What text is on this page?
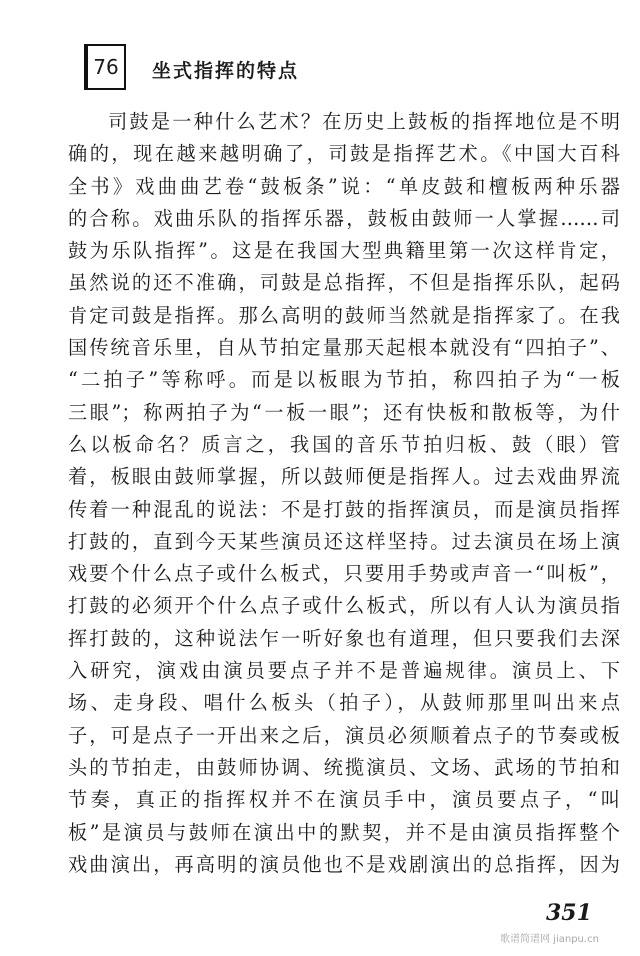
76	坐式指挥的特点
司鼓是一种什么艺术？在历史上鼓板的指挥地位是不明
确的，现在越来越明确了，司鼓是指挥艺术。《中国大百科
全书》戏曲曲艺卷“鼓板条”说：“单皮鼓和檀板两种乐器
的合称。戏曲乐队的指挥乐器，鼓板由鼓师一人掌握……司
鼓为乐队指挥”。这是在我国大型典籍里第一次这样肯定，
虽然说的还不准确，司鼓是总指挥，不但是指挥乐队，起码
肯定司鼓是指挥。那么高明的鼓师当然就是指挥家了。在我
国传统音乐里，自从节拍定量那天起根本就没有“四拍子”、
“二拍子”等称呼。而是以板眼为节拍，称四拍子为“一板
三眼”；称两拍子为“一板一眼”；还有快板和散板等，为什
么以板命名？质言之，我国的音乐节拍归板、鼓（眼）管
着，板眼由鼓师掌握，所以鼓师便是指挥人。过去戏曲界流
传着一种混乱的说法：不是打鼓的指挥演员，而是演员指挥
打鼓的，直到今天某些演员还这样坚持。过去演员在场上演
戏要个什么点子或什么板式，只要用手势或声音一“叫板”，
打鼓的必须开个什么点子或什么板式，所以有人认为演员指
挥打鼓的，这种说法乍一听好象也有道理，但只要我们去深
入研究，演戏由演员要点子并不是普遍规律。演员上、下
场、走身段、唱什么板头（拍子），从鼓师那里叫出来点
子，可是点子一开出来之后，演员必须顺着点子的节奏或板
头的节拍走，由鼓师协调、统揽演员、文场、武场的节拍和
节奏，真正的指挥权并不在演员手中，演员要点子，“叫
板”是演员与鼓师在演出中的默契，并不是由演员指挥整个
戏曲演出，再高明的演员他也不是戏剧演出的总指挥，因为
351
歌谱简谱网 jianpu.cn
